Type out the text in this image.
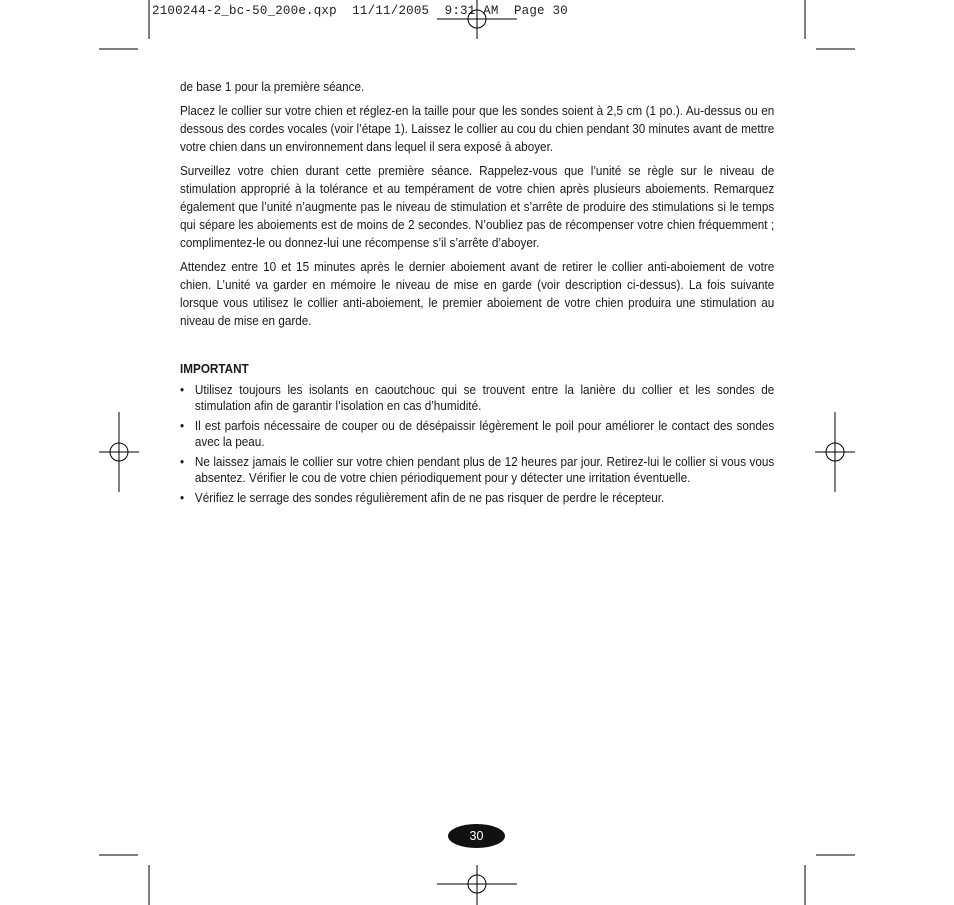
2100244-2_bc-50_200e.qxp  11/11/2005  9:31 AM  Page 30

de base 1 pour la première séance.

Placez le collier sur votre chien et réglez-en la taille pour que les sondes soient à 2,5 cm (1 po.). Au-dessus ou en dessous des cordes vocales (voir l’étape 1). Laissez le collier au cou du chien pendant 30 minutes avant de mettre votre chien dans un environnement dans lequel il sera exposé à aboyer.

Surveillez votre chien durant cette première séance. Rappelez-vous que l’unité se règle sur le niveau de stimulation approprié à la tolérance et au tempérament de votre chien après plusieurs aboiements. Remarquez également que l’unité n’augmente pas le niveau de stimulation et s’arrête de produire des stimulations si le temps qui sépare les aboiements est de moins de 2 secondes. N’oubliez pas de récompenser votre chien fréquemment ; complimentez-le ou donnez-lui une récompense s’il s’arrête d’aboyer.

Attendez entre 10 et 15 minutes après le dernier aboiement avant de retirer le collier anti-aboiement de votre chien. L’unité va garder en mémoire le niveau de mise en garde (voir description ci-dessus). La fois suivante lorsque vous utilisez le collier anti-aboiement, le premier aboiement de votre chien produira une stimulation au niveau de mise en garde.

IMPORTANT
• Utilisez toujours les isolants en caoutchouc qui se trouvent entre la lanière du collier et les sondes de stimulation afin de garantir l’isolation en cas d’humidité.
• Il est parfois nécessaire de couper ou de désépaissir légèrement le poil pour améliorer le contact des sondes avec la peau.
• Ne laissez jamais le collier sur votre chien pendant plus de 12 heures par jour. Retirez-lui le collier si vous vous absentez. Vérifier le cou de votre chien périodiquement pour y détecter une irritation éventuelle.
• Vérifiez le serrage des sondes régulièrement afin de ne pas risquer de perdre le récepteur.
30
